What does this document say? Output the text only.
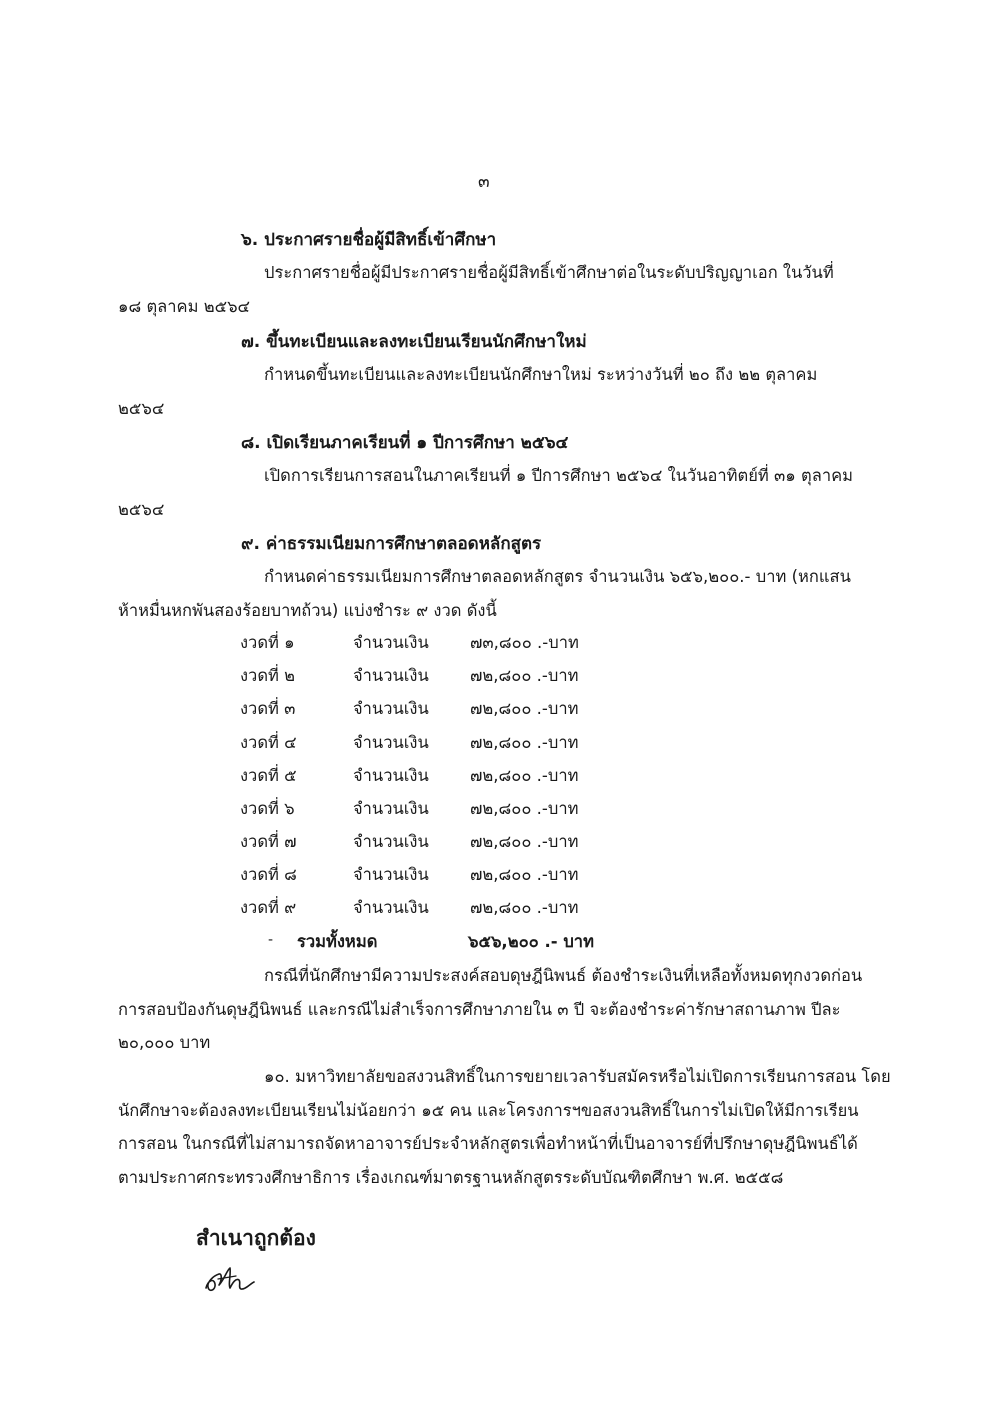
๓
๖. ประกาศรายชื่อผู้มีสิทธิ์เข้าศึกษา
ประกาศรายชื่อผู้มีประกาศรายชื่อผู้มีสิทธิ์เข้าศึกษาต่อในระดับปริญญาเอก ในวันที่
๑๘ ตุลาคม ๒๕๖๔
๗. ขึ้นทะเบียนและลงทะเบียนเรียนนักศึกษาใหม่
กำหนดขึ้นทะเบียนและลงทะเบียนนักศึกษาใหม่ ระหว่างวันที่ ๒๐ ถึง ๒๒ ตุลาคม
๒๕๖๔
๘. เปิดเรียนภาคเรียนที่ ๑ ปีการศึกษา ๒๕๖๔
เปิดการเรียนการสอนในภาคเรียนที่ ๑ ปีการศึกษา ๒๕๖๔ ในวันอาทิตย์ที่ ๓๑ ตุลาคม
๒๕๖๔
๙. ค่าธรรมเนียมการศึกษาตลอดหลักสูตร
กำหนดค่าธรรมเนียมการศึกษาตลอดหลักสูตร จำนวนเงิน ๖๕๖,๒๐๐.- บาท (หกแสน
ห้าหมื่นหกพันสองร้อยบาทถ้วน) แบ่งชำระ ๙ งวด ดังนี้
งวดที่ ๑	จำนวนเงิน	๗๓,๘๐๐ .-บาท
งวดที่ ๒	จำนวนเงิน	๗๒,๘๐๐ .-บาท
งวดที่ ๓	จำนวนเงิน	๗๒,๘๐๐ .-บาท
งวดที่ ๔	จำนวนเงิน	๗๒,๘๐๐ .-บาท
งวดที่ ๕	จำนวนเงิน	๗๒,๘๐๐ .-บาท
งวดที่ ๖	จำนวนเงิน	๗๒,๘๐๐ .-บาท
งวดที่ ๗	จำนวนเงิน	๗๒,๘๐๐ .-บาท
งวดที่ ๘	จำนวนเงิน	๗๒,๘๐๐ .-บาท
งวดที่ ๙	จำนวนเงิน	๗๒,๘๐๐ .-บาท
- รวมทั้งหมด	๖๕๖,๒๐๐ .- บาท
กรณีที่นักศึกษามีความประสงค์สอบดุษฎีนิพนธ์ ต้องชำระเงินที่เหลือทั้งหมดทุกงวดก่อน
การสอบป้องกันดุษฎีนิพนธ์ และกรณีไม่สำเร็จการศึกษาภายใน ๓ ปี จะต้องชำระค่ารักษาสถานภาพ ปีละ
๒๐,๐๐๐ บาท
๑๐. มหาวิทยาลัยขอสงวนสิทธิ์ในการขยายเวลารับสมัครหรือไม่เปิดการเรียนการสอน โดย
นักศึกษาจะต้องลงทะเบียนเรียนไม่น้อยกว่า ๑๕ คน และโครงการฯขอสงวนสิทธิ์ในการไม่เปิดให้มีการเรียน
การสอน ในกรณีที่ไม่สามารถจัดหาอาจารย์ประจำหลักสูตรเพื่อทำหน้าที่เป็นอาจารย์ที่ปรึกษาดุษฎีนิพนธ์ได้
ตามประกาศกระทรวงศึกษาธิการ เรื่องเกณฑ์มาตรฐานหลักสูตรระดับบัณฑิตศึกษา พ.ศ. ๒๕๕๘
สำเนาถูกต้อง
